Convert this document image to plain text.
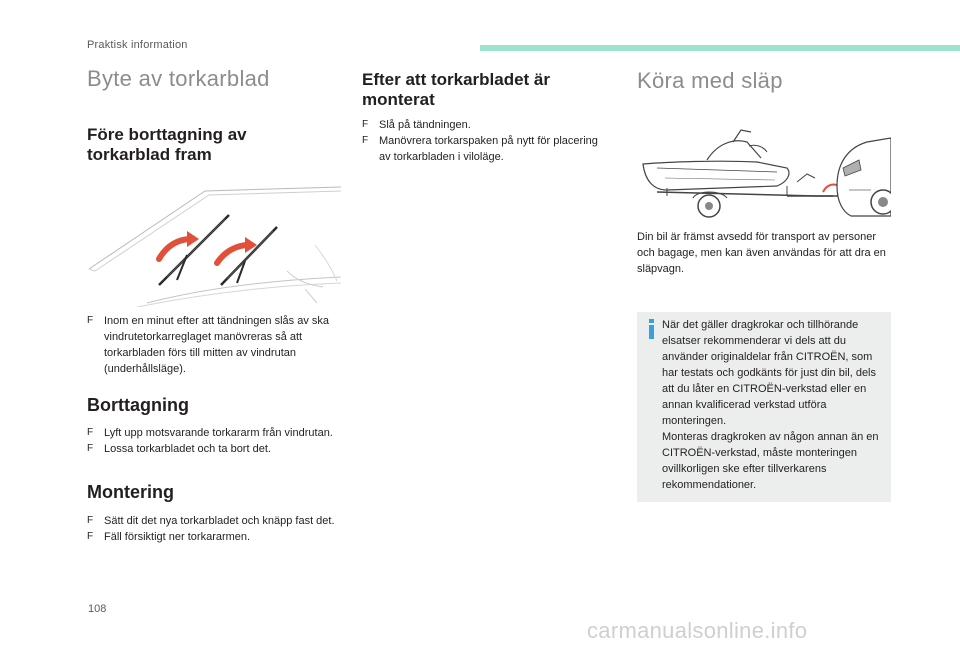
Praktisk information
Byte av torkarblad
Före borttagning av
torkarblad fram
F Inom en minut efter att tändningen slås av ska vindrutetorkarreglaget manövreras så att torkarbladen förs till mitten av vindrutan (underhållsläge).
Borttagning
F Lyft upp motsvarande torkararm från vindrutan.
F Lossa torkarbladet och ta bort det.
Montering
F Sätt dit det nya torkarbladet och knäpp fast det.
F Fäll försiktigt ner torkararmen.
Efter att torkarbladet är
monterat
F Slå på tändningen.
F Manövrera torkarspaken på nytt för placering av torkarbladen i viloläge.
Köra med släp
Din bil är främst avsedd för transport av personer och bagage, men kan även användas för att dra en släpvagn.
När det gäller dragkrokar och tillhörande elsatser rekommenderar vi dels att du använder originaldelar från CITROËN, som har testats och godkänts för just din bil, dels att du låter en CITROËN-verkstad eller en annan kvalificerad verkstad utföra monteringen.
Monteras dragkroken av någon annan än en CITROËN-verkstad, måste monteringen ovillkorligen ske efter tillverkarens rekommendationer.
108
carmanualsonline.info
